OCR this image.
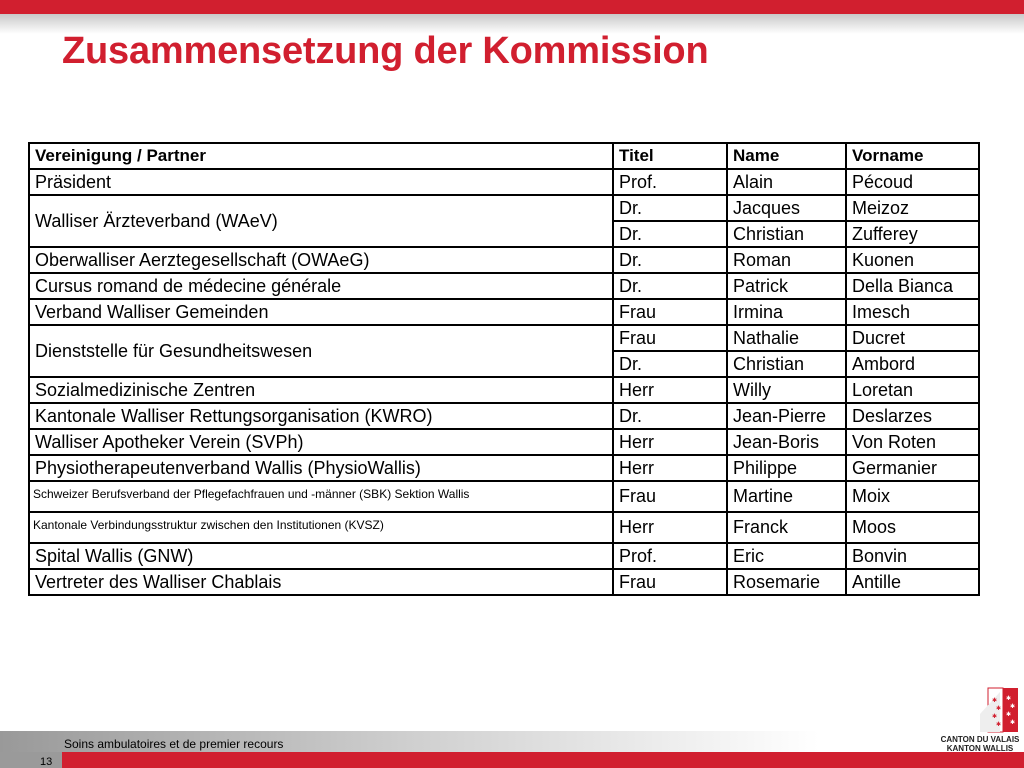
Zusammensetzung der Kommission
Vereinigung / Partner	Titel	Name	Vorname
Präsident	Prof.	Alain	Pécoud
Walliser Ärzteverband (WAeV)	Dr.	Jacques	Meizoz
	Dr.	Christian	Zufferey
Oberwalliser Aerztegesellschaft (OWAeG)	Dr.	Roman	Kuonen
Cursus romand de médecine générale	Dr.	Patrick	Della Bianca
Verband Walliser Gemeinden	Frau	Irmina	Imesch
Dienststelle für Gesundheitswesen	Frau	Nathalie	Ducret
	Dr.	Christian	Ambord
Sozialmedizinische Zentren	Herr	Willy	Loretan
Kantonale Walliser Rettungsorganisation (KWRO)	Dr.	Jean-Pierre	Deslarzes
Walliser Apotheker Verein (SVPh)	Herr	Jean-Boris	Von Roten
Physiotherapeutenverband Wallis (PhysioWallis)	Herr	Philippe	Germanier
Schweizer Berufsverband der Pflegefachfrauen und -männer (SBK) Sektion Wallis	Frau	Martine	Moix
Kantonale Verbindungsstruktur zwischen den Institutionen (KVSZ)	Herr	Franck	Moos
Spital Wallis (GNW)	Prof.	Eric	Bonvin
Vertreter des Walliser Chablais	Frau	Rosemarie	Antille
Soins ambulatoires et de premier recours
13
✱
✱
✱
✱
✱
✱
✱
✱
CANTON DU VALAIS
KANTON WALLIS
